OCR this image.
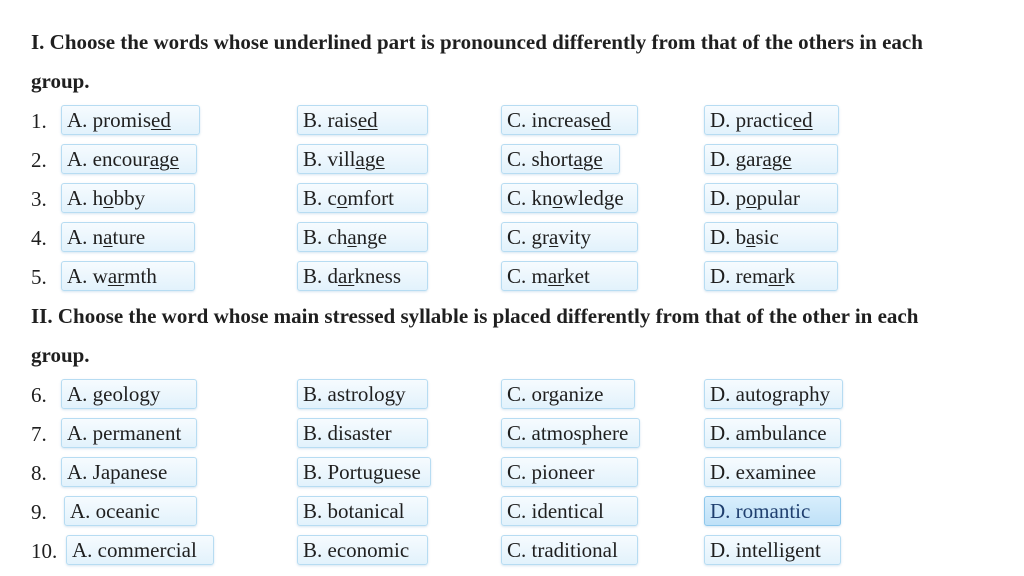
I. Choose the words whose underlined part is pronounced differently from that of the others in each
group.
1. A. promised	B. raised	C. increased	D. practiced
2. A. encourage	B. village	C. shortage	D. garage
3. A. hobby	B. comfort	C. knowledge	D. popular
4. A. nature	B. change	C. gravity	D. basic
5. A. warmth	B. darkness	C. market	D. remark
II. Choose the word whose main stressed syllable is placed differently from that of the other in each
group.
6. A. geology	B. astrology	C. organize	D. autography
7. A. permanent	B. disaster	C. atmosphere	D. ambulance
8. A. Japanese	B. Portuguese	C. pioneer	D. examinee
9. A. oceanic	B. botanical	C. identical	D. romantic
10. A. commercial	B. economic	C. traditional	D. intelligent
